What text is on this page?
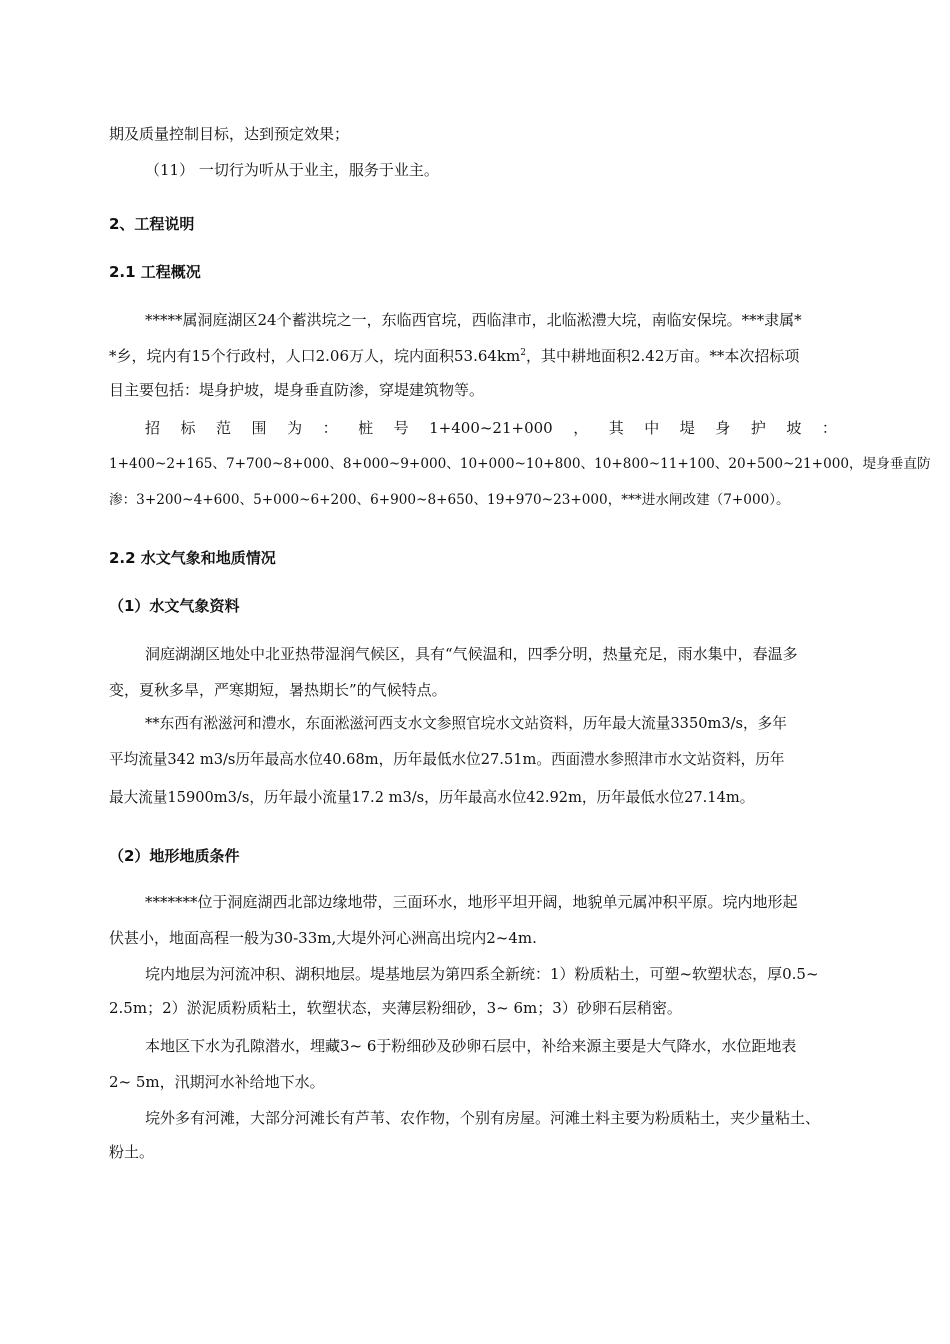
期及质量控制目标，达到预定效果；
（11） 一切行为听从于业主，服务于业主。
2、工程说明
2.1 工程概况
*****属洞庭湖区24个蓄洪垸之一，东临西官垸，西临津市，北临淞澧大垸，南临安保垸。***隶属*
*乡，垸内有15个行政村，人口2.06万人，垸内面积$53.64km^2$，其中耕地面积2.42万亩。**本次招标项
目主要包括：堤身护坡，堤身垂直防渗，穿堤建筑物等。
招 标 范 围 为 ： 桩 号 1+400~21+000 ， 其 中 堤 身 护 坡 ：
1+400~2+165、7+700~8+000、8+000~9+000、10+000~10+800、10+800~11+100、20+500~21+000，堤身垂直防
渗：3+200~4+600、5+000~6+200、6+900~8+650、19+970~23+000，***进水闸改建（7+000）。
2.2 水文气象和地质情况
（1）水文气象资料
洞庭湖湖区地处中北亚热带湿润气候区，具有“气候温和，四季分明，热量充足，雨水集中，春温多
变，夏秋多旱，严寒期短，暑热期长”的气候特点。
**东西有淞滋河和澧水，东面淞滋河西支水文参照官垸水文站资料，历年最大流量3350m3/s，多年
平均流量342 m3/s历年最高水位40.68m，历年最低水位27.51m。西面澧水参照津市水文站资料，历年
最大流量15900m3/s，历年最小流量17.2 m3/s，历年最高水位42.92m，历年最低水位27.14m。
（2）地形地质条件
*******位于洞庭湖西北部边缘地带，三面环水，地形平坦开阔，地貌单元属冲积平原。垸内地形起
伏甚小，地面高程一般为30-33m,大堤外河心洲高出垸内2~4m.
垸内地层为河流冲积、湖积地层。堤基地层为第四系全新统：1）粉质粘土，可塑~软塑状态，厚0.5~
2.5m；2）淤泥质粉质粘土，软塑状态，夹薄层粉细砂，3~ 6m；3）砂卵石层稍密。
本地区下水为孔隙潜水，埋藏3~ 6于粉细砂及砂卵石层中，补给来源主要是大气降水，水位距地表
2~ 5m，汛期河水补给地下水。
垸外多有河滩，大部分河滩长有芦苇、农作物，个别有房屋。河滩土料主要为粉质粘土，夹少量粘土、
粉土。
